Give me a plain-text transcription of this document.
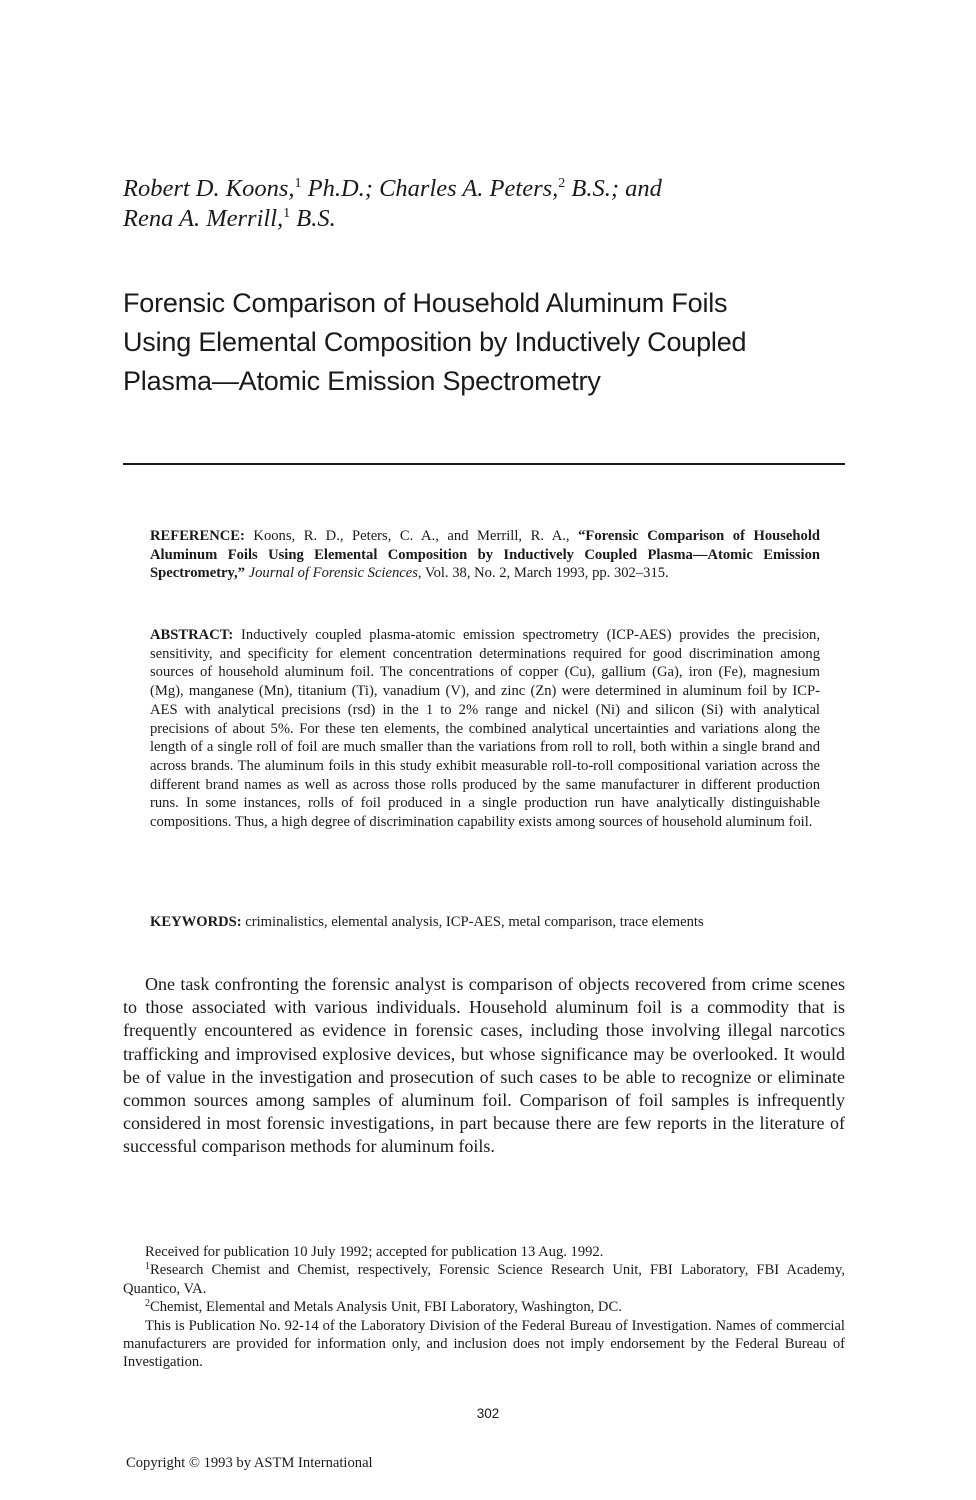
Robert D. Koons,$^1$ Ph.D.; Charles A. Peters,$^2$ B.S.; and
Rena A. Merrill,$^1$ B.S.
Forensic Comparison of Household Aluminum Foils
Using Elemental Composition by Inductively Coupled
Plasma—Atomic Emission Spectrometry

REFERENCE: Koons, R. D., Peters, C. A., and Merrill, R. A., “Forensic Comparison of Household Aluminum Foils Using Elemental Composition by Inductively Coupled Plasma—Atomic Emission Spectrometry,” Journal of Forensic Sciences, Vol. 38, No. 2, March 1993, pp. 302–315.

ABSTRACT: Inductively coupled plasma-atomic emission spectrometry (ICP-AES) provides the precision, sensitivity, and specificity for element concentration determinations required for good discrimination among sources of household aluminum foil. The concentrations of copper (Cu), gallium (Ga), iron (Fe), magnesium (Mg), manganese (Mn), titanium (Ti), vanadium (V), and zinc (Zn) were determined in aluminum foil by ICP-AES with analytical precisions (rsd) in the 1 to 2% range and nickel (Ni) and silicon (Si) with analytical precisions of about 5%. For these ten elements, the combined analytical uncertainties and variations along the length of a single roll of foil are much smaller than the variations from roll to roll, both within a single brand and across brands. The aluminum foils in this study exhibit measurable roll-to-roll compositional variation across the different brand names as well as across those rolls produced by the same manufacturer in different production runs. In some instances, rolls of foil produced in a single production run have analytically distinguishable compositions. Thus, a high degree of discrimination capability exists among sources of household aluminum foil.

KEYWORDS: criminalistics, elemental analysis, ICP-AES, metal comparison, trace elements

One task confronting the forensic analyst is comparison of objects recovered from crime scenes to those associated with various individuals. Household aluminum foil is a commodity that is frequently encountered as evidence in forensic cases, including those involving illegal narcotics trafficking and improvised explosive devices, but whose significance may be overlooked. It would be of value in the investigation and prosecution of such cases to be able to recognize or eliminate common sources among samples of aluminum foil. Comparison of foil samples is infrequently considered in most forensic investigations, in part because there are few reports in the literature of successful comparison methods for aluminum foils.

Received for publication 10 July 1992; accepted for publication 13 Aug. 1992.

$^1$Research Chemist and Chemist, respectively, Forensic Science Research Unit, FBI Laboratory, FBI Academy, Quantico, VA.

$^2$Chemist, Elemental and Metals Analysis Unit, FBI Laboratory, Washington, DC.

This is Publication No. 92-14 of the Laboratory Division of the Federal Bureau of Investigation. Names of commercial manufacturers are provided for information only, and inclusion does not imply endorsement by the Federal Bureau of Investigation.

302
Copyright © 1993 by ASTM International
